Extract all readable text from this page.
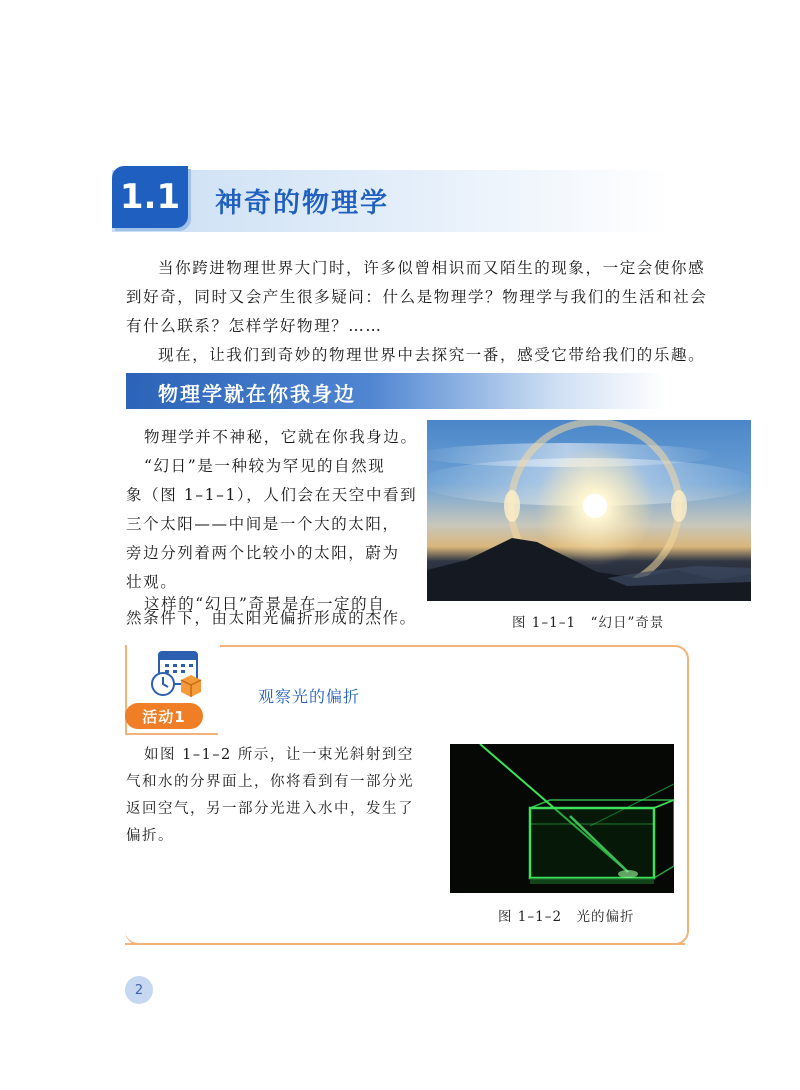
1.1 神奇的物理学
当你跨进物理世界大门时，许多似曾相识而又陌生的现象，一定会使你感
到好奇，同时又会产生很多疑问：什么是物理学？物理学与我们的生活和社会
有什么联系？怎样学好物理？……
现在，让我们到奇妙的物理世界中去探究一番，感受它带给我们的乐趣。
物理学就在你我身边
物理学并不神秘，它就在你我身边。
“幻日”是一种较为罕见的自然现
象（图 1–1–1），人们会在天空中看到
三个太阳——中间是一个大的太阳，
旁边分列着两个比较小的太阳，蔚为
壮观。
这样的“幻日”奇景是在一定的自
然条件下，由太阳光偏折形成的杰作。	图 1–1–1　“幻日”奇景
活动1
观察光的偏折
如图 1–1–2 所示，让一束光斜射到空
气和水的分界面上，你将看到有一部分光
返回空气，另一部分光进入水中，发生了
偏折。
图 1–1–2　光的偏折
2
